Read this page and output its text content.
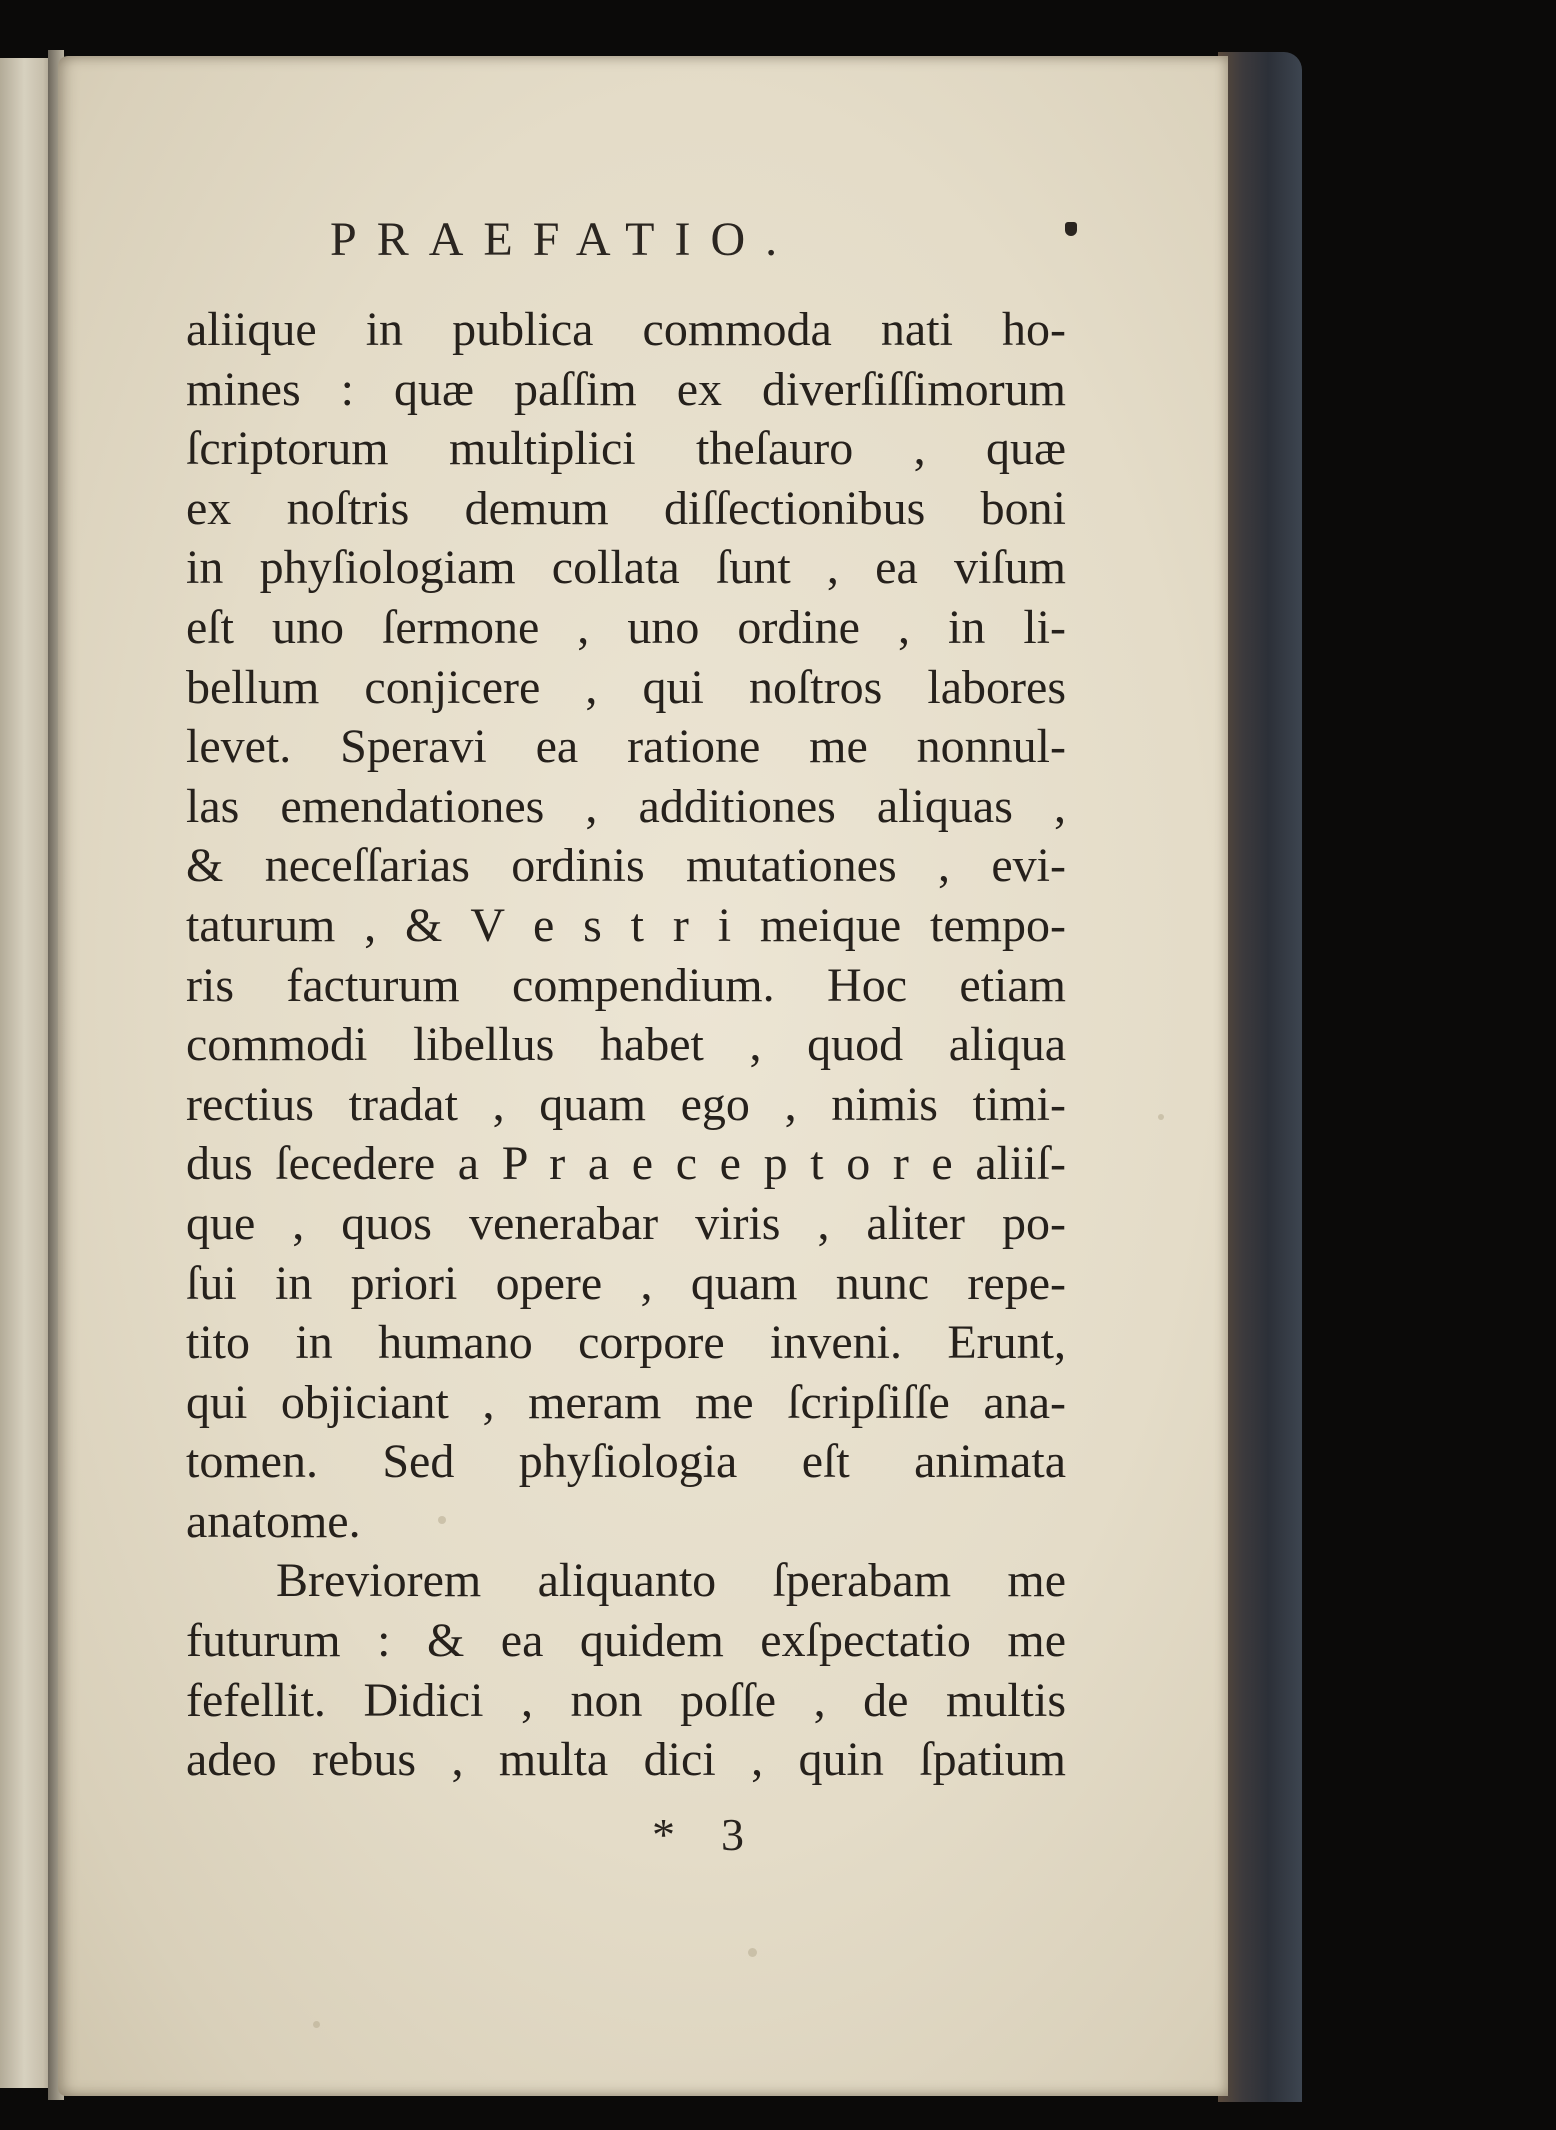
PRAEFATIO.
aliique in publica commoda nati ho-
mines : quæ paſſim ex diverſiſſimorum
ſcriptorum multiplici theſauro , quæ
ex noſtris demum diſſectionibus boni
in phyſiologiam collata ſunt , ea viſum
eſt uno ſermone , uno ordine , in li-
bellum conjicere , qui noſtros labores
levet. Speravi ea ratione me nonnul-
las emendationes , additiones aliquas ,
& neceſſarias ordinis mutationes , evi-
taturum , & V e s t r i meique tempo-
ris facturum compendium. Hoc etiam
commodi libellus habet , quod aliqua
rectius tradat , quam ego , nimis timi-
dus ſecedere a P r a e c e p t o r e aliiſ-
que , quos venerabar viris , aliter po-
ſui in priori opere , quam nunc repe-
tito in humano corpore inveni. Erunt,
qui objiciant , meram me ſcripſiſſe ana-
tomen. Sed phyſiologia eſt animata
anatome.
Breviorem aliquanto ſperabam me
futurum : & ea quidem exſpectatio me
fefellit. Didici , non poſſe , de multis
adeo rebus , multa dici , quin ſpatium
* 3
